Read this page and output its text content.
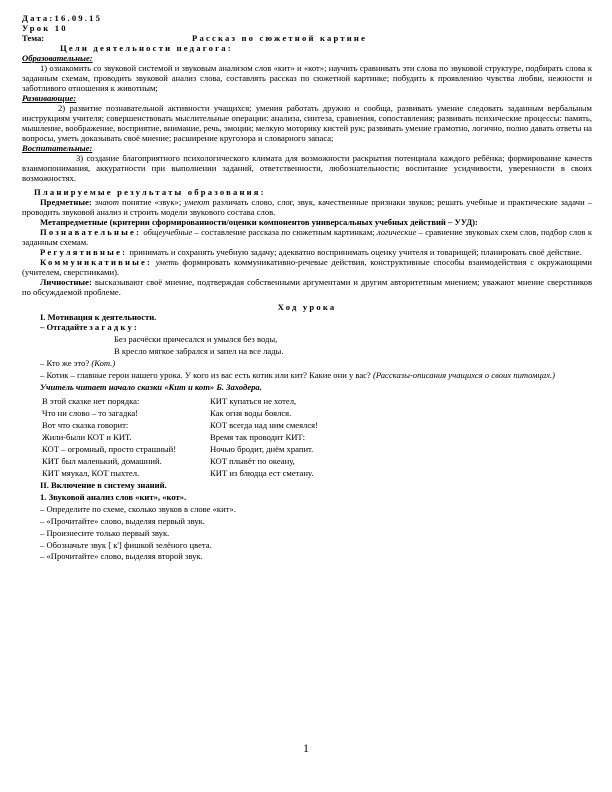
Дата:16.09.15

Урок 10

Тема:	Рассказ по сюжетной картине

Цели деятельности педагога:

Образовательные:

1) ознакомить со звуковой системой и звуковым анализом слов «кит» и «кот»; научить сравнивать эти слова по звуковой структуре, подбирать слова к заданным схемам, проводить звуковой анализ слова, составлять рассказ по сюжетной картинке; побудить к проявлению чувства любви, нежности и заботливого отношения к животным;

Развивающие:

2) развитие познавательной активности учащихся; умения работать дружно и сообща, развивать умение следовать заданным вербальным инструкциям учителя; совершенствовать мыслительные операции: анализа, синтеза, сравнения, сопоставления; развивать психические процессы: память, мышление, воображение, восприятие, внимание, речь, эмоции; мелкую моторику кистей рук; развивать умение грамотно, логично, полно давать ответы на вопросы, уметь доказывать своё мнение; расширение кругозора и словарного запаса;

Воспитательные:

3) создание благоприятного психологического климата для возможности раскрытия потенциала каждого ребёнка; формирование качеств взаимопонимания, аккуратности при выполнении заданий, ответственности, любознательности; воспитание усидчивости, уверенности в своих возможностях.

Планируемые результаты образования:

Предметные: знают понятие «звук»; умеют различать слово, слог, звук, качественные признаки звуков; решать учебные и практические задачи – проводить звуковой анализ и строить модели звукового состава слов.

Метапредметные (критерии сформированности/оценки компонентов универсальных учебных действий – УУД):

Познавательные: общеучебные – составление рассказа по сюжетным картинкам; логические – сравнение звуковых схем слов, подбор слов к заданным схемам.

Регулятивные: принимать и сохранять учебную задачу; адекватно воспринимать оценку учителя и товарищей; планировать своё действие.

Коммуникативные: уметь формировать коммуникативно-речевые действия, конструктивные способы взаимодействия с окружающими (учителем, сверстниками).

Личностные: высказывают своё мнение, подтверждая собственными аргументами и другим авторитетным мнением; уважают мнение сверстников по обсуждаемой проблеме.

Ход урока

I. Мотивация к деятельности.

– Отгадайте з а г а д к у :

Без расчёски причесался и умылся без воды,

В кресло мягкое забрался и запел на все лады.

– Кто же это? (Кот.)

– Котик – главные герои нашего урока. У кого из вас есть котик или кит? Какие они у вас? (Рассказы-описания учащихся о своих питомцах.)

Учитель читает начало сказки «Кит и кот» Б. Заходера.

В этой сказке нет порядка:	КИТ купаться не хотел,
Что ни слово – то загадка!	Как огня воды боялся.
Вот что сказка говорит:	КОТ всегда над ним смеялся!
Жили-были КОТ и КИТ.	Время так проводит КИТ:
КОТ – огромный, просто страшный!	Ночью бродит, днём храпит.
КИТ был маленький, домашний.	КОТ плывёт по океану,
КИТ мяукал, КОТ пыхтел.	КИТ из блюдца ест сметану.

II. Включение в систему знаний.

1. Звуковой анализ слов «кит», «кот».

– Определите по схеме, сколько звуков в слове «кит».

– «Прочитайте» слово, выделяя первый звук.

– Произнесите только первый звук.

– Обозначьте звук [ к'] фишкой зелёного цвета.

– «Прочитайте» слово, выделяя второй звук.

1
